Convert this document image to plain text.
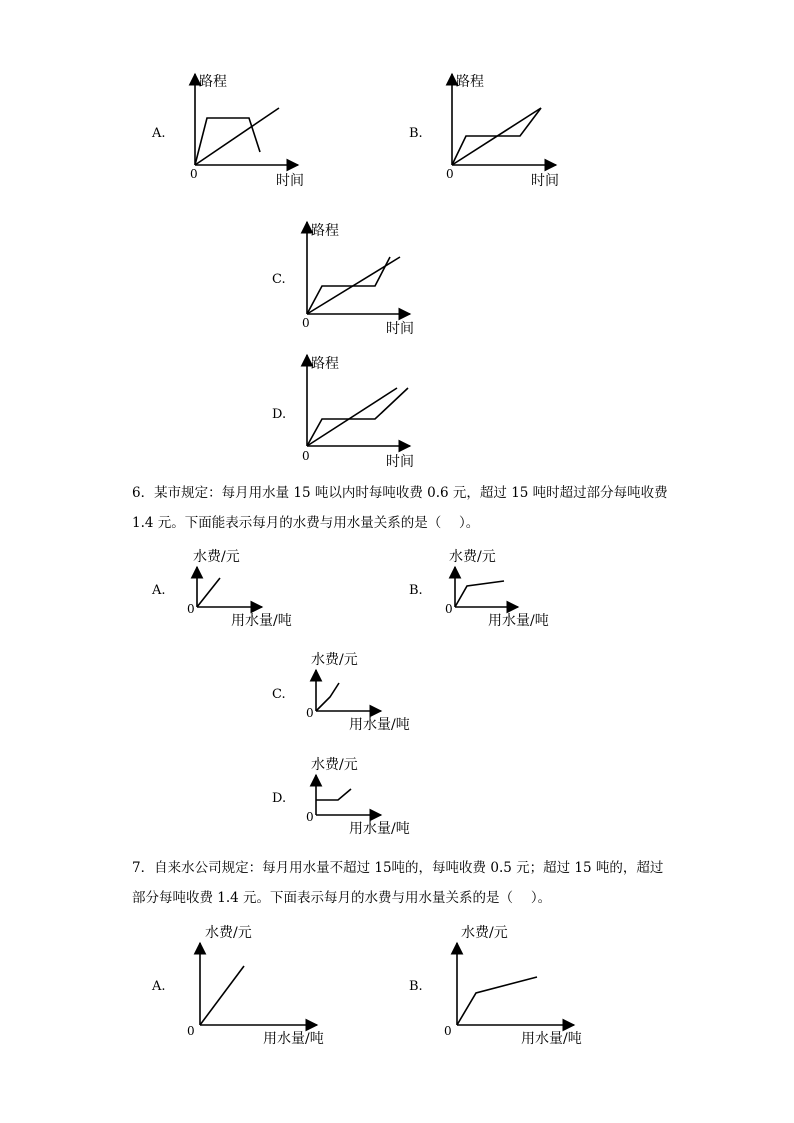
A.
路程
时间
0
B.
路程
时间
0
C.
路程
时间
0
D.
路程
时间
0
6．某市规定：每月用水量 15 吨以内时每吨收费 0.6 元，超过 15 吨时超过部分每吨收费 1.4 元。下面能表示每月的水费与用水量关系的是（　 ）。
A.
水费/元
用水量/吨
0
B.
水费/元
用水量/吨
0
C.
水费/元
用水量/吨
0
D.
水费/元
用水量/吨
0
7．自来水公司规定：每月用水量不超过 15吨的，每吨收费 0.5 元；超过 15 吨的，超过部分每吨收费 1.4 元。下面表示每月的水费与用水量关系的是（　 ）。
A.
水费/元
用水量/吨
0
B.
水费/元
用水量/吨
0
